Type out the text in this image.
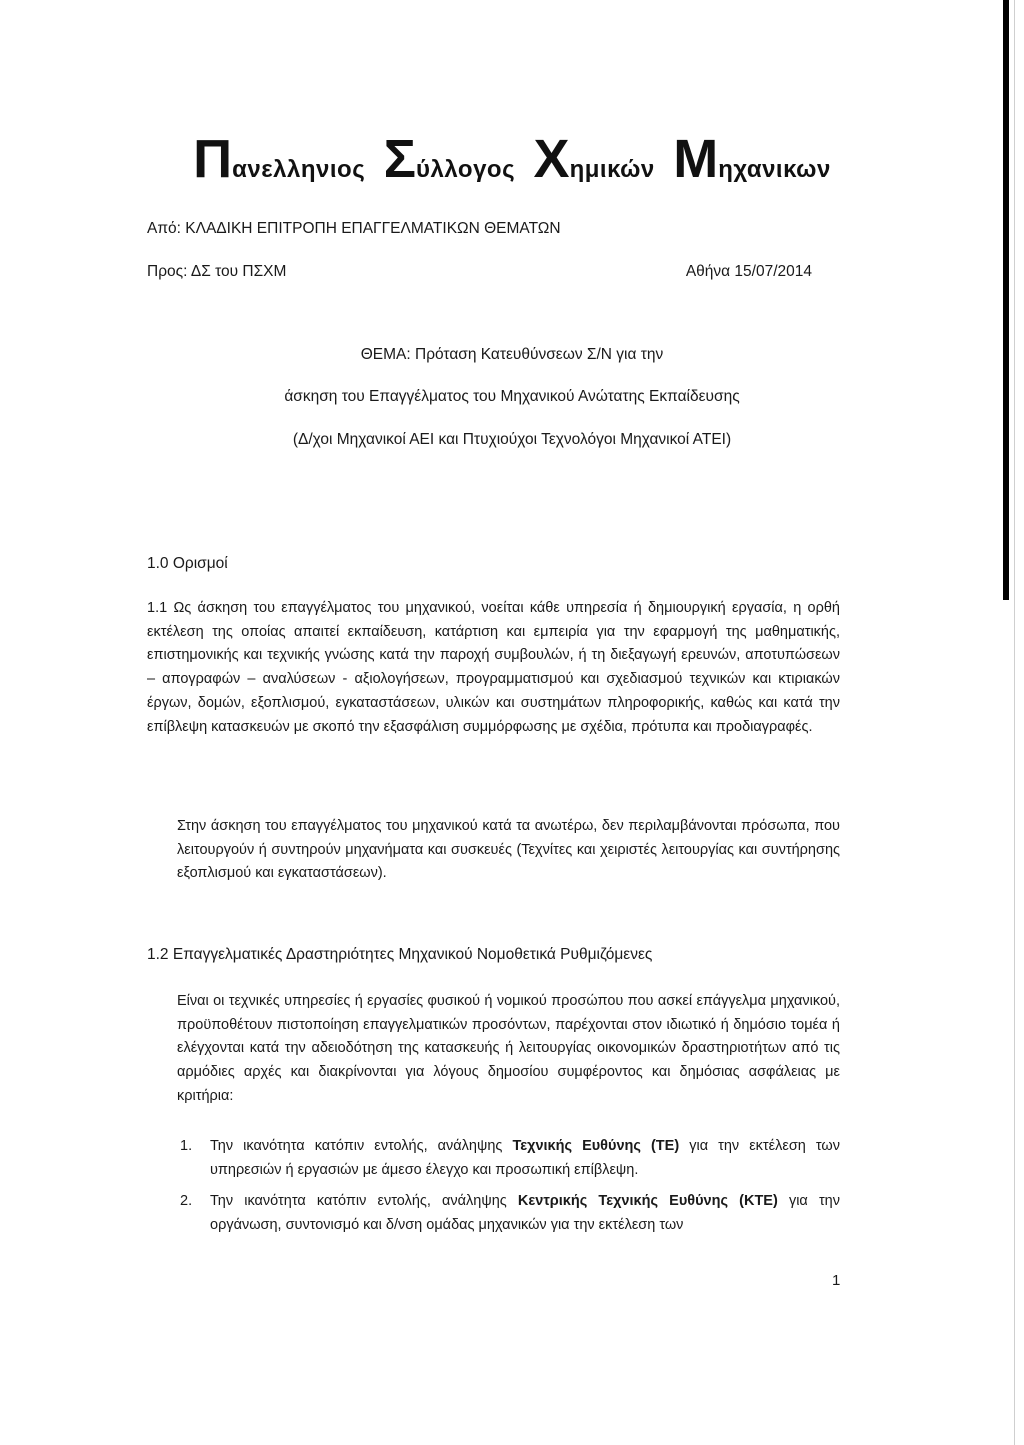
Πανελληνιος Σύλλογος Χημικών Μηχανικων
Από: ΚΛΑΔΙΚΗ ΕΠΙΤΡΟΠΗ ΕΠΑΓΓΕΛΜΑΤΙΚΩΝ ΘΕΜΑΤΩΝ
Προς: ΔΣ του ΠΣΧΜ	Αθήνα 15/07/2014
ΘΕΜΑ: Πρόταση Κατευθύνσεων Σ/Ν για την
άσκηση του Επαγγέλματος του Μηχανικού Ανώτατης Εκπαίδευσης
(Δ/χοι Μηχανικοί ΑΕΙ και Πτυχιούχοι Τεχνολόγοι Μηχανικοί ΑΤΕΙ)
1.0 Ορισμοί
1.1 Ως άσκηση του επαγγέλματος του μηχανικού, νοείται κάθε υπηρεσία ή δημιουργική εργασία, η ορθή εκτέλεση της οποίας απαιτεί εκπαίδευση, κατάρτιση και εμπειρία για την εφαρμογή της μαθηματικής, επιστημονικής και τεχνικής γνώσης κατά την παροχή συμβουλών, ή τη διεξαγωγή ερευνών, αποτυπώσεων – απογραφών – αναλύσεων - αξιολογήσεων, προγραμματισμού και σχεδιασμού τεχνικών και κτιριακών έργων, δομών, εξοπλισμού, εγκαταστάσεων, υλικών και συστημάτων πληροφορικής, καθώς και κατά την επίβλεψη κατασκευών με σκοπό την εξασφάλιση συμμόρφωσης με σχέδια, πρότυπα και προδιαγραφές.
Στην άσκηση του επαγγέλματος του μηχανικού κατά τα ανωτέρω, δεν περιλαμβάνονται πρόσωπα, που λειτουργούν ή συντηρούν μηχανήματα και συσκευές (Τεχνίτες και χειριστές λειτουργίας και συντήρησης εξοπλισμού και εγκαταστάσεων).
1.2 Επαγγελματικές Δραστηριότητες Μηχανικού Νομοθετικά Ρυθμιζόμενες
Είναι οι τεχνικές υπηρεσίες ή εργασίες φυσικού ή νομικού προσώπου που ασκεί επάγγελμα μηχανικού, προϋποθέτουν πιστοποίηση επαγγελματικών προσόντων, παρέχονται στον ιδιωτικό ή δημόσιο τομέα ή ελέγχονται κατά την αδειοδότηση της κατασκευής ή λειτουργίας οικονομικών δραστηριοτήτων από τις αρμόδιες αρχές και διακρίνονται για λόγους δημοσίου συμφέροντος και δημόσιας ασφάλειας με κριτήρια:
1. Την ικανότητα κατόπιν εντολής, ανάληψης Τεχνικής Ευθύνης (ΤΕ) για την εκτέλεση των υπηρεσιών ή εργασιών με άμεσο έλεγχο και προσωπική επίβλεψη.
2. Την ικανότητα κατόπιν εντολής, ανάληψης Κεντρικής Τεχνικής Ευθύνης (ΚΤΕ) για την οργάνωση, συντονισμό και δ/νση ομάδας μηχανικών για την εκτέλεση των
1
